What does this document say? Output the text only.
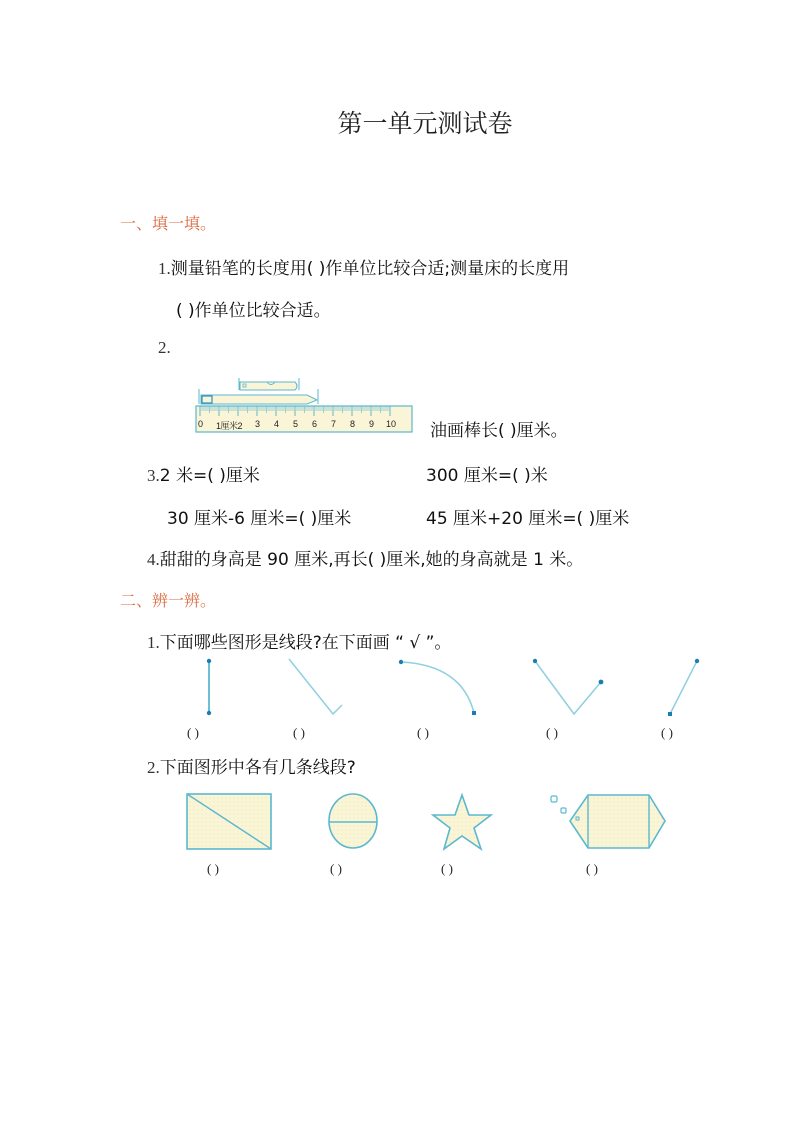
第一单元测试卷
一、填一填。
1.测量铅笔的长度用( )作单位比较合适;测量床的长度用
( )作单位比较合适。
2.
0 1厘米2 3 4 5 6 7 8 9 10 油画棒长( )厘米。
3.2 米=( )厘米	300 厘米=( )米
30 厘米-6 厘米=( )厘米	45 厘米+20 厘米=( )厘米
4.甜甜的身高是 90 厘米,再长( )厘米,她的身高就是 1 米。
二、辨一辨。
1.下面哪些图形是线段?在下面画 “ √ ”。
( )	( )	( )	( )	( )
2.下面图形中各有几条线段?
( )	( )	( )	( )
